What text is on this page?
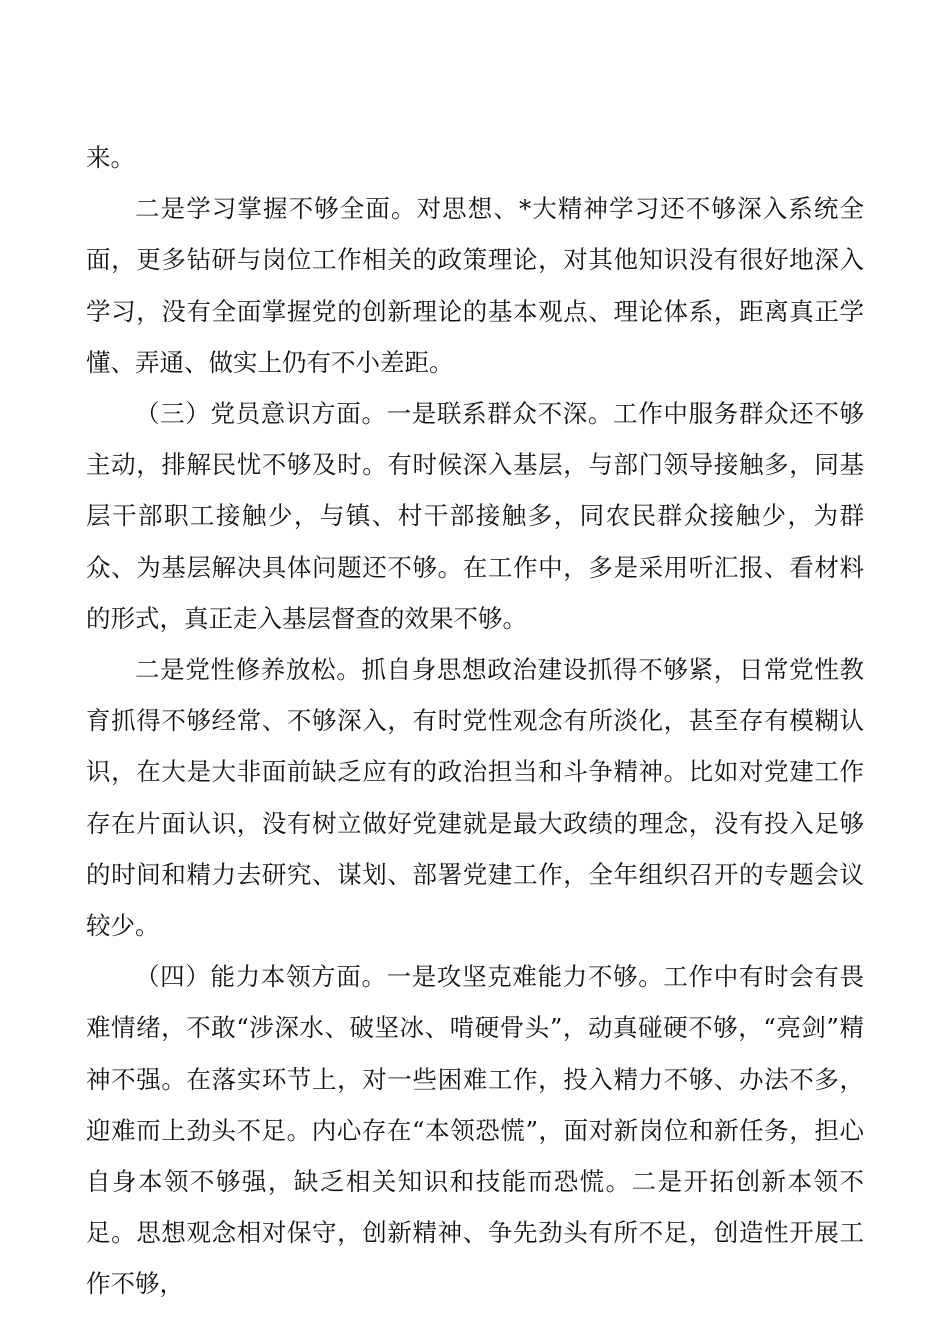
来。

二是学习掌握不够全面。对思想、*大精神学习还不够深入系统全面，更多钻研与岗位工作相关的政策理论，对其他知识没有很好地深入学习，没有全面掌握党的创新理论的基本观点、理论体系，距离真正学懂、弄通、做实上仍有不小差距。

（三）党员意识方面。一是联系群众不深。工作中服务群众还不够主动，排解民忧不够及时。有时候深入基层，与部门领导接触多，同基层干部职工接触少，与镇、村干部接触多，同农民群众接触少，为群众、为基层解决具体问题还不够。在工作中，多是采用听汇报、看材料的形式，真正走入基层督查的效果不够。

二是党性修养放松。抓自身思想政治建设抓得不够紧，日常党性教育抓得不够经常、不够深入，有时党性观念有所淡化，甚至存有模糊认识，在大是大非面前缺乏应有的政治担当和斗争精神。比如对党建工作存在片面认识，没有树立做好党建就是最大政绩的理念，没有投入足够的时间和精力去研究、谋划、部署党建工作，全年组织召开的专题会议较少。

（四）能力本领方面。一是攻坚克难能力不够。工作中有时会有畏难情绪，不敢“涉深水、破坚冰、啃硬骨头”，动真碰硬不够，“亮剑”精神不强。在落实环节上，对一些困难工作，投入精力不够、办法不多，迎难而上劲头不足。内心存在“本领恐慌”，面对新岗位和新任务，担心自身本领不够强，缺乏相关知识和技能而恐慌。二是开拓创新本领不足。思想观念相对保守，创新精神、争先劲头有所不足，创造性开展工作不够，
